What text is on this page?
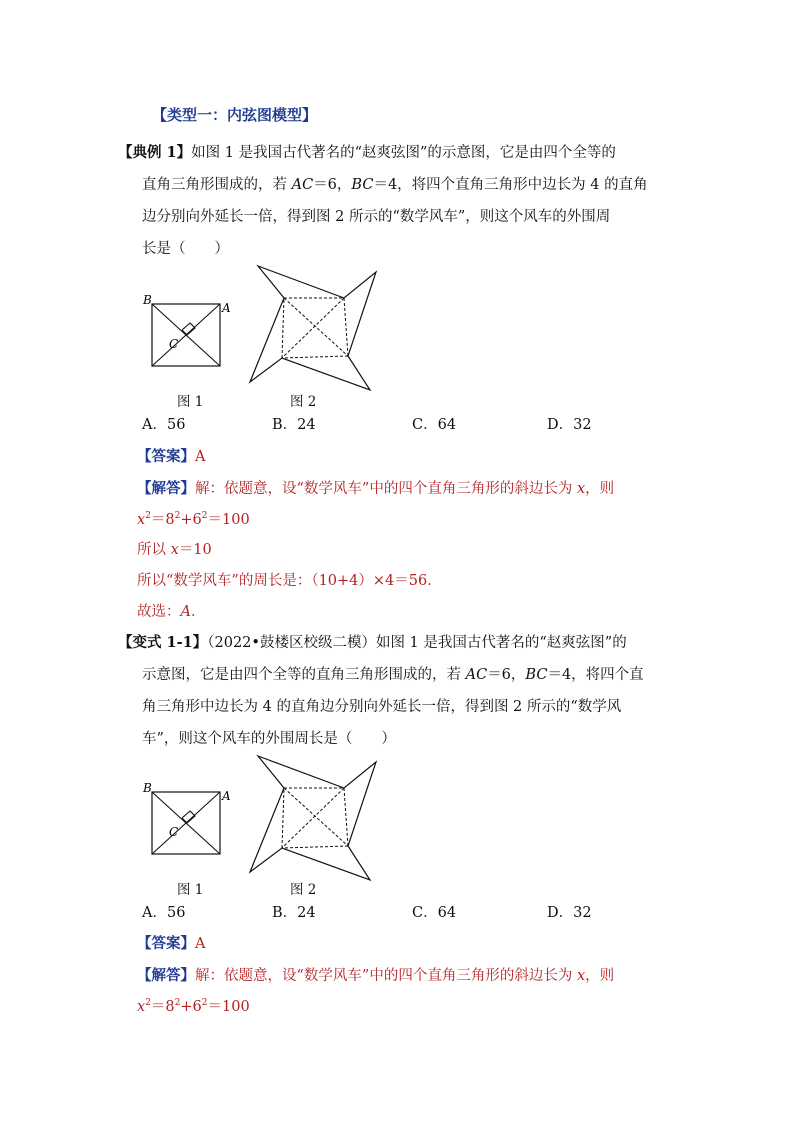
【类型一：内弦图模型】
【典例 1】如图 1 是我国古代著名的“赵爽弦图”的示意图，它是由四个全等的
直角三角形围成的，若 AC＝6，BC＝4，将四个直角三角形中边长为 4 的直角
边分别向外延长一倍，得到图 2 所示的“数学风车”，则这个风车的外围周
长是（　　）
B
A
C
图 1	图 2
A．56	B．24	C．64	D．32
【答案】A
【解答】解：依题意，设“数学风车”中的四个直角三角形的斜边长为 x，则
$x^2=8^2+6^2=100$
所以 x＝10
所以“数学风车”的周长是：（10+4）×4＝56．
故选：A．
【变式 1-1】（2022•鼓楼区校级二模）如图 1 是我国古代著名的“赵爽弦图”的
示意图，它是由四个全等的直角三角形围成的，若 AC＝6，BC＝4，将四个直
角三角形中边长为 4 的直角边分别向外延长一倍，得到图 2 所示的“数学风
车”，则这个风车的外围周长是（　　）
B
A
C
图 1	图 2
A．56	B．24	C．64	D．32
【答案】A
【解答】解：依题意，设“数学风车”中的四个直角三角形的斜边长为 x，则
$x^2=8^2+6^2=100$
